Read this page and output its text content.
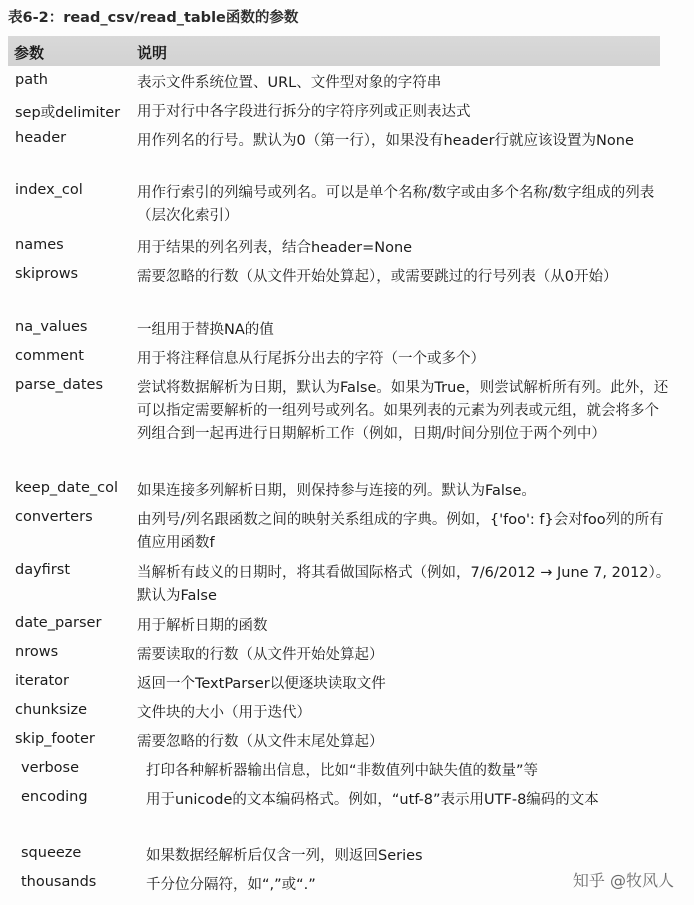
表6-2：read_csv/read_table函数的参数
参数	说明
path	表示文件系统位置、URL、文件型对象的字符串
sep或delimiter 用于对行中各字段进行拆分的字符序列或正则表达式
header	用作列名的行号。默认为0（第一行），如果没有header行就应该设置为None
index_col	用作行索引的列编号或列名。可以是单个名称/数字或由多个名称/数字组成的列表（层次化索引）
names	用于结果的列名列表，结合header=None
skiprows	需要忽略的行数（从文件开始处算起），或需要跳过的行号列表（从0开始）
na_values	一组用于替换NA的值
comment	用于将注释信息从行尾拆分出去的字符（一个或多个）
parse_dates 尝试将数据解析为日期，默认为False。如果为True，则尝试解析所有列。此外，还可以指定需要解析的一组列号或列名。如果列表的元素为列表或元组，就会将多个列组合到一起再进行日期解析工作（例如，日期/时间分别位于两个列中）
keep_date_col 如果连接多列解析日期，则保持参与连接的列。默认为False。
converters	由列号/列名跟函数之间的映射关系组成的字典。例如，{'foo': f}会对foo列的所有值应用函数f
dayfirst	当解析有歧义的日期时，将其看做国际格式（例如，7/6/2012 → June 7, 2012）。默认为False
date_parser 用于解析日期的函数
nrows	需要读取的行数（从文件开始处算起）
iterator	返回一个TextParser以便逐块读取文件
chunksize	文件块的大小（用于迭代）
skip_footer	需要忽略的行数（从文件末尾处算起）
verbose	打印各种解析器输出信息，比如“非数值列中缺失值的数量”等
encoding	用于unicode的文本编码格式。例如，“utf-8”表示用UTF-8编码的文本
squeeze	如果数据经解析后仅含一列，则返回Series
thousands	千分位分隔符，如“,”或“.”	知乎 @牧风人
